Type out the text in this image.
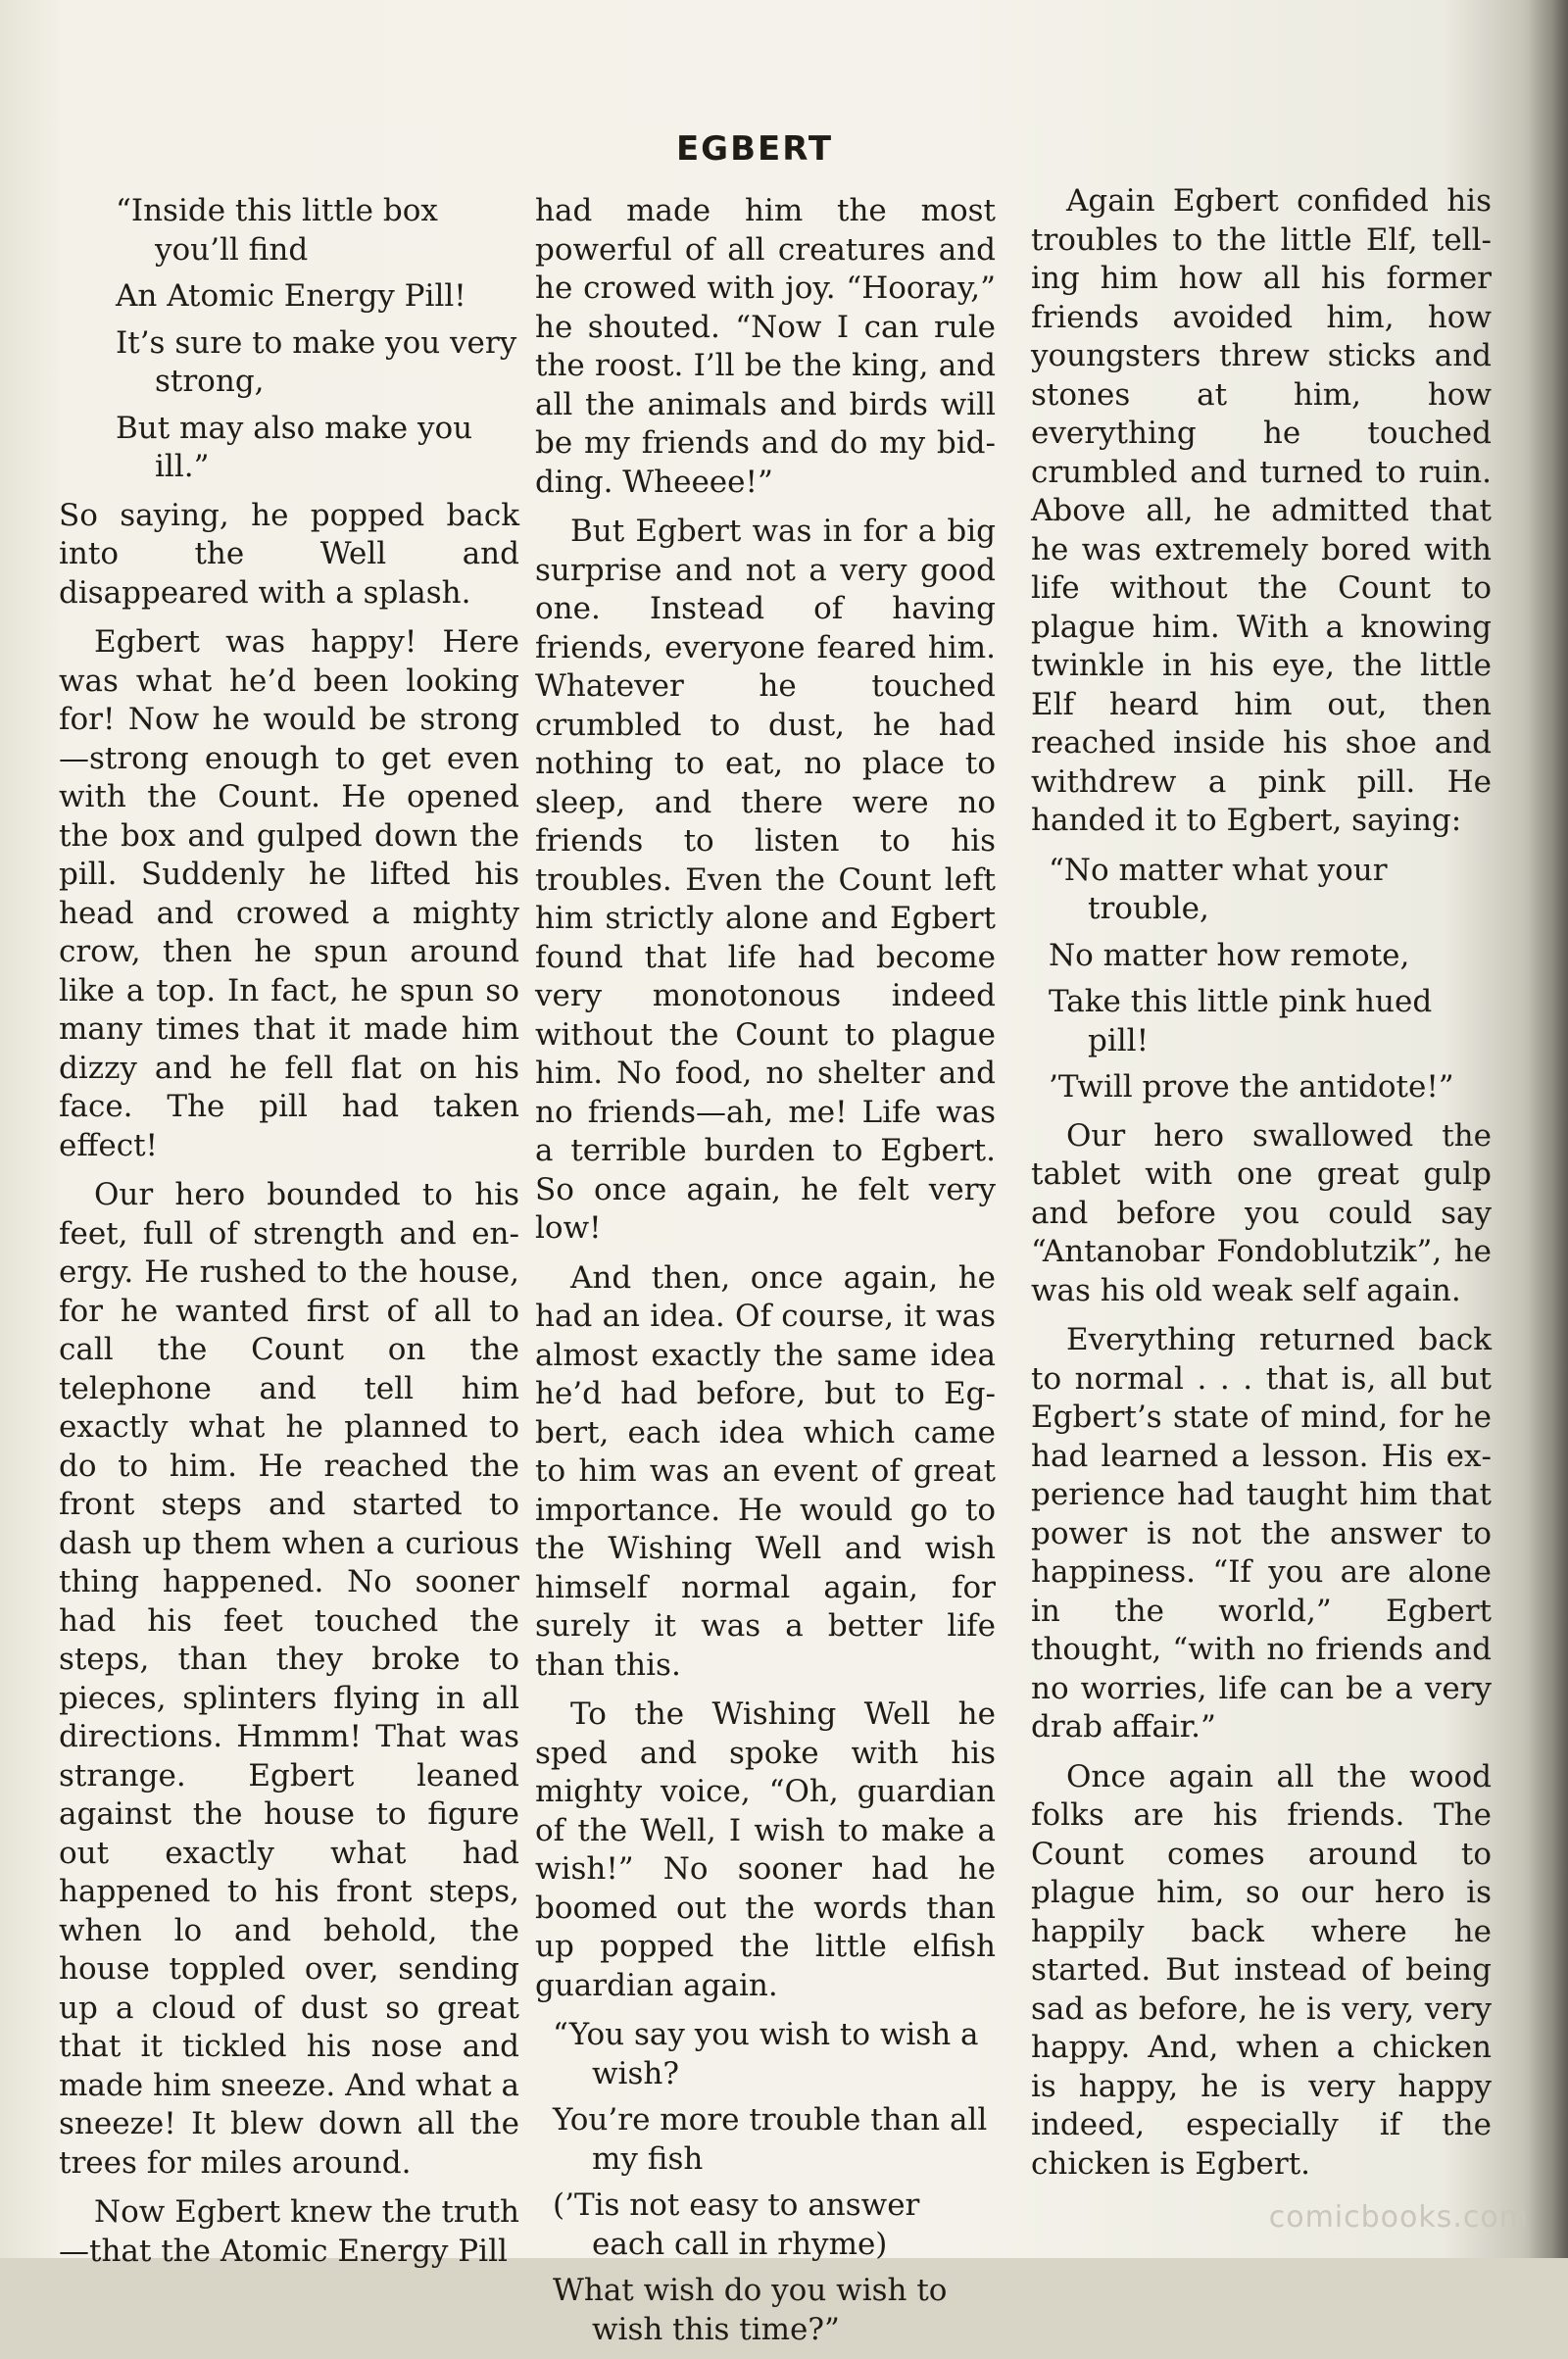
EGBERT
“Inside this little box you’ll find
An Atomic Energy Pill!
It’s sure to make you very strong,
But may also make you ill.”

So saying, he popped back into the Well and disappeared with a splash.

Egbert was happy! Here was what he’d been looking for! Now he would be strong —strong enough to get even with the Count. He opened the box and gulped down the pill. Suddenly he lifted his head and crowed a mighty crow, then he spun around like a top. In fact, he spun so many times that it made him dizzy and he fell flat on his face. The pill had taken effect!

Our hero bounded to his feet, full of strength and energy. He rushed to the house, for he wanted first of all to call the Count on the telephone and tell him exactly what he planned to do to him. He reached the front steps and started to dash up them when a curious thing happened. No sooner had his feet touched the steps, than they broke to pieces, splinters flying in all directions. Hmmm! That was strange. Egbert leaned against the house to figure out exactly what had happened to his front steps, when lo and behold, the house toppled over, sending up a cloud of dust so great that it tickled his nose and made him sneeze. And what a sneeze! It blew down all the trees for miles around.

Now Egbert knew the truth —that the Atomic Energy Pill

had made him the most powerful of all creatures and he crowed with joy. “Hooray,” he shouted. “Now I can rule the roost. I’ll be the king, and all the animals and birds will be my friends and do my bidding. Wheeee!”

But Egbert was in for a big surprise and not a very good one. Instead of having friends, everyone feared him. Whatever he touched crumbled to dust, he had nothing to eat, no place to sleep, and there were no friends to listen to his troubles. Even the Count left him strictly alone and Egbert found that life had become very monotonous indeed without the Count to plague him. No food, no shelter and no friends—ah, me! Life was a terrible burden to Egbert. So once again, he felt very low!

And then, once again, he had an idea. Of course, it was almost exactly the same idea he’d had before, but to Egbert, each idea which came to him was an event of great importance. He would go to the Wishing Well and wish himself normal again, for surely it was a better life than this.

To the Wishing Well he sped and spoke with his mighty voice, “Oh, guardian of the Well, I wish to make a wish!” No sooner had he boomed out the words than up popped the little elfish guardian again.

“You say you wish to wish a wish?
You’re more trouble than all my fish
(’Tis not easy to answer each call in rhyme)
What wish do you wish to wish this time?”

Again Egbert confided his troubles to the little Elf, telling him how all his former friends avoided him, how youngsters threw sticks and stones at him, how everything he touched crumbled and turned to ruin. Above all, he admitted that he was extremely bored with life without the Count to plague him. With a knowing twinkle in his eye, the little Elf heard him out, then reached inside his shoe and withdrew a pink pill. He handed it to Egbert, saying:

“No matter what your trouble,
No matter how remote,
Take this little pink hued pill!
’Twill prove the antidote!”

Our hero swallowed the tablet with one great gulp and before you could say “Antanobar Fondoblutzik”, he was his old weak self again.

Everything returned back to normal . . . that is, all but Egbert’s state of mind, for he had learned a lesson. His experience had taught him that power is not the answer to happiness. “If you are alone in the world,” Egbert thought, “with no friends and no worries, life can be a very drab affair.”

Once again all the wood folks are his friends. The Count comes around to plague him, so our hero is happily back where he started. But instead of being sad as before, he is very, very happy. And, when a chicken is happy, he is very happy indeed, especially if the chicken is Egbert.

comicbooks.com
